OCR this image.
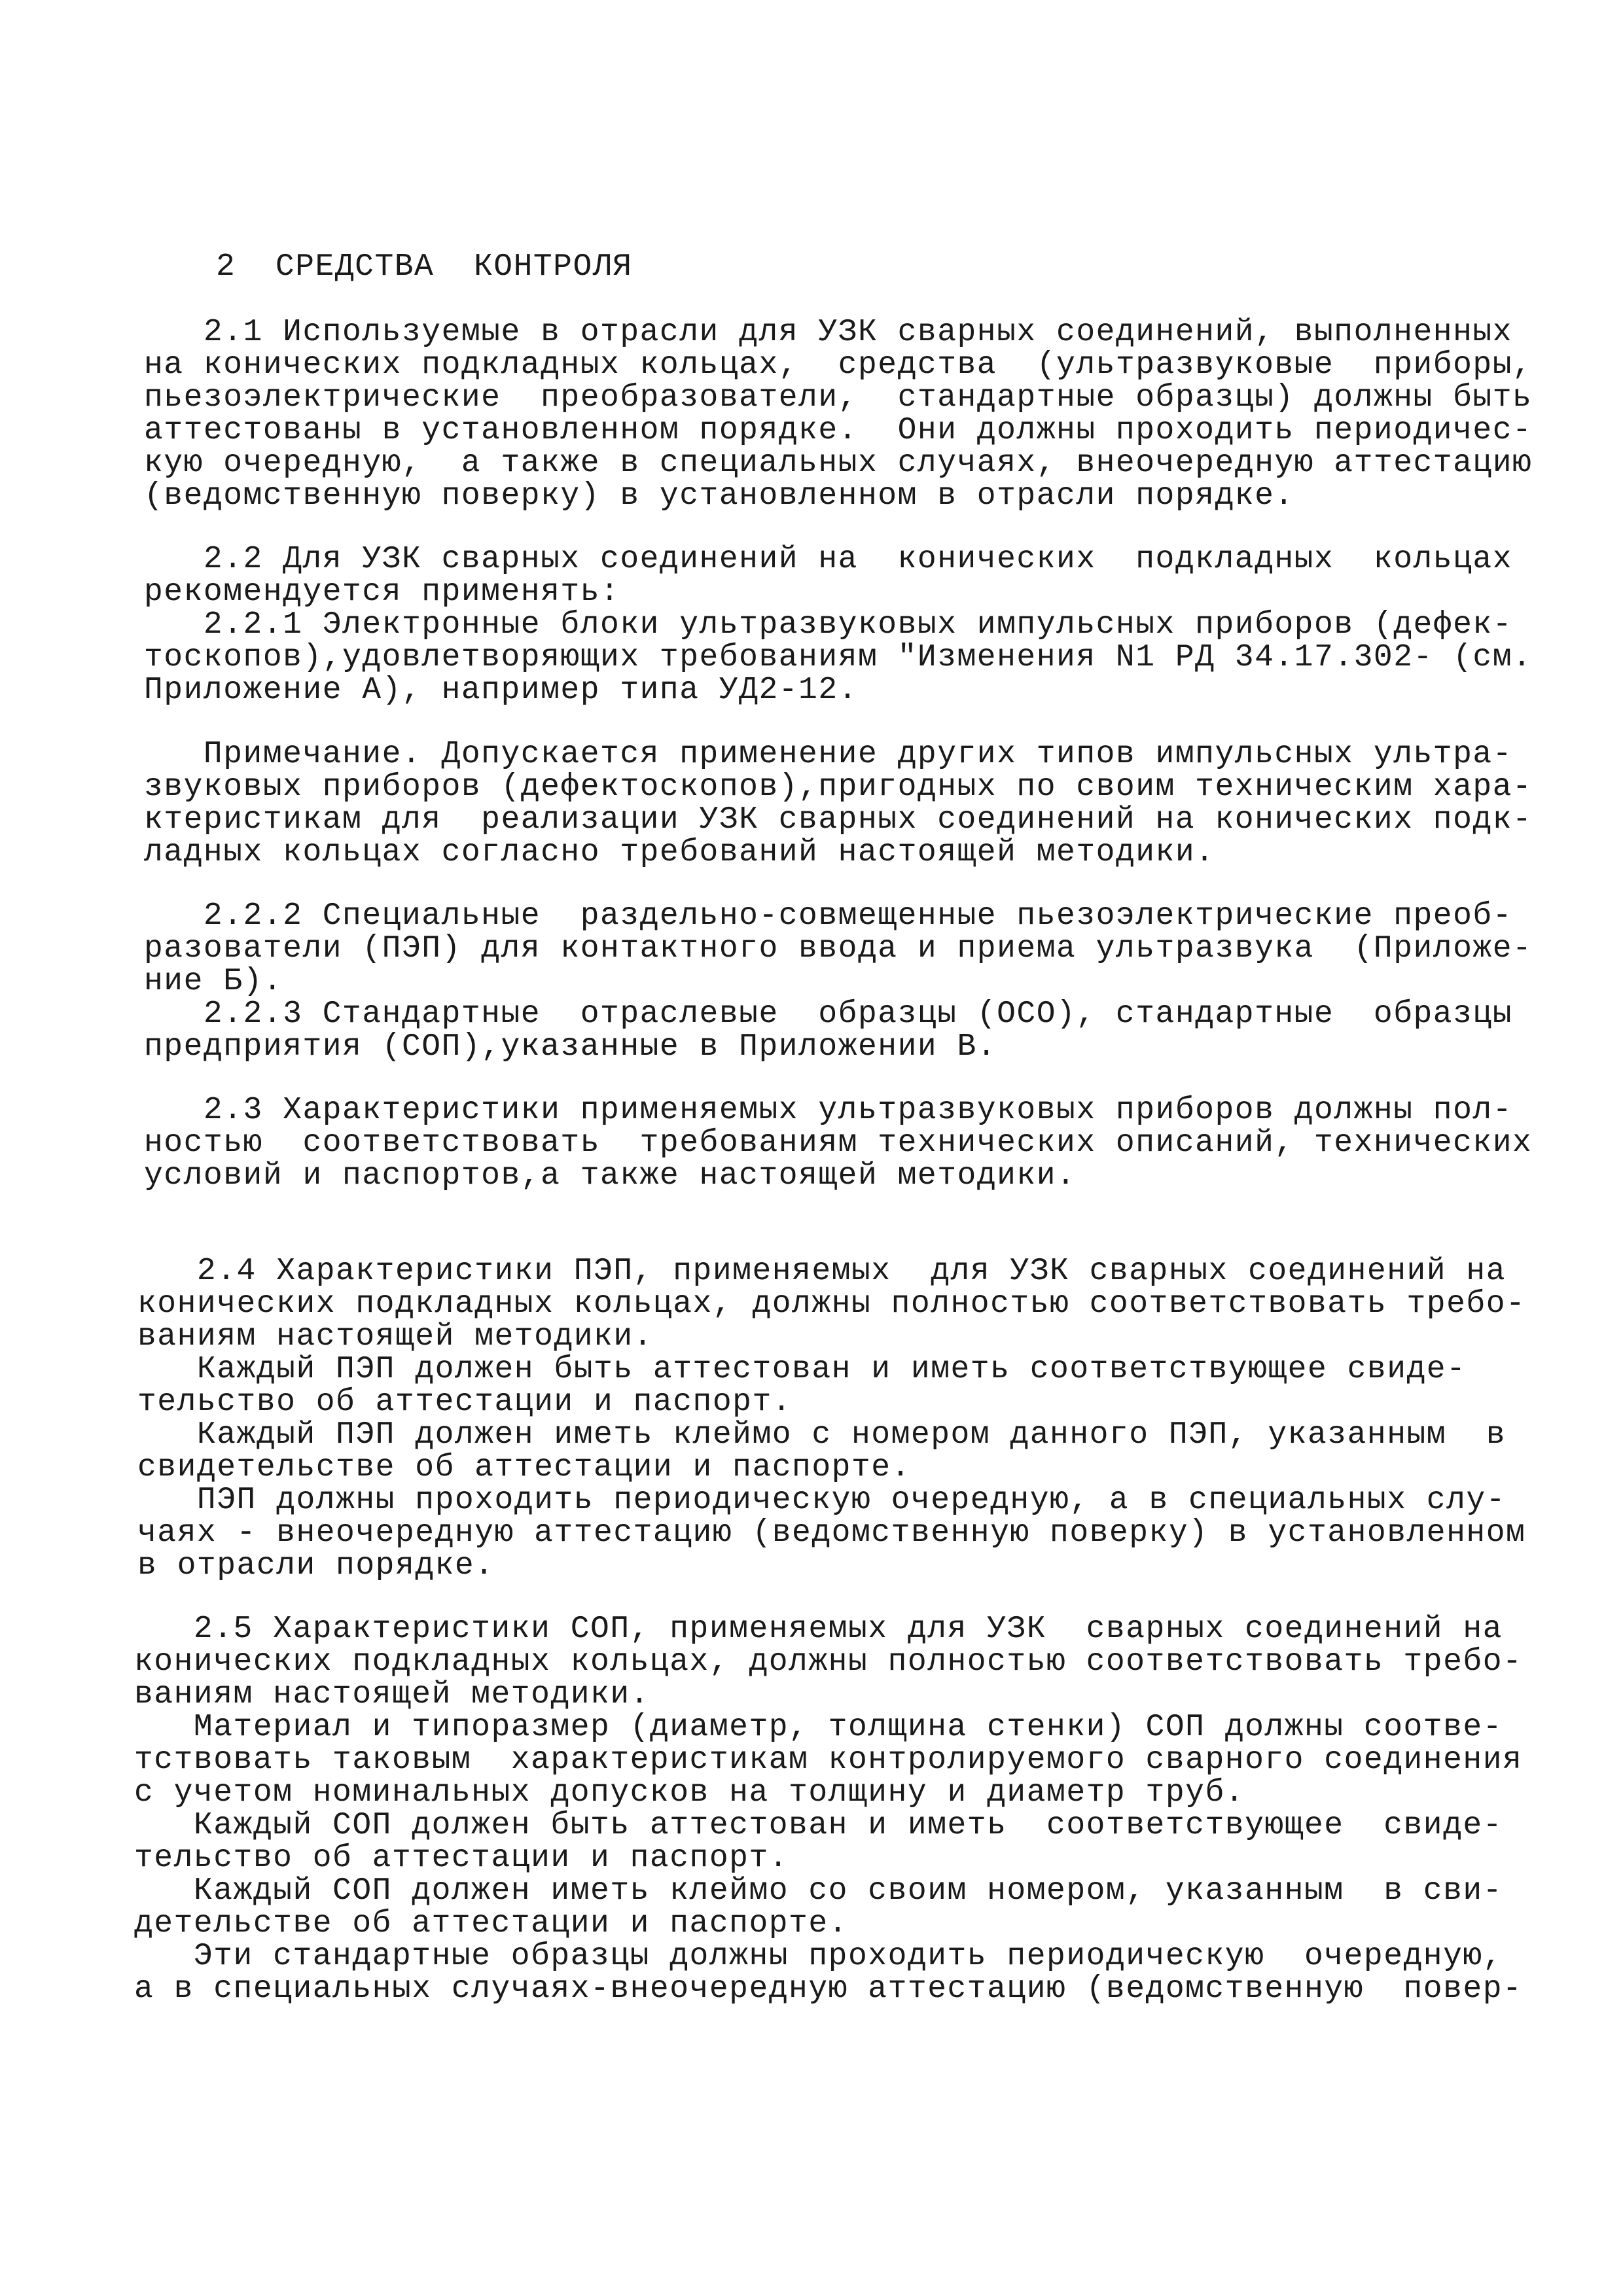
2  СРЕДСТВА  КОНТРОЛЯ
2.1 Используемые в отрасли для УЗК сварных соединений, выполненных
на конических подкладных кольцах,  средства  (ультразвуковые  приборы,
пьезоэлектрические  преобразователи,  стандартные образцы) должны быть
аттестованы в установленном порядке.  Они должны проходить периодичес-
кую очередную,  а также в специальных случаях, внеочередную аттестацию
(ведомственную поверку) в установленном в отрасли порядке.
2.2 Для УЗК сварных соединений на  конических  подкладных  кольцах
рекомендуется применять:
2.2.1 Электронные блоки ультразвуковых импульсных приборов (дефек-
тоскопов),удовлетворяющих требованиям "Изменения N1 РД 34.17.302- (см.
Приложение А), например типа УД2-12.
Примечание. Допускается применение других типов импульсных ультра-
звуковых приборов (дефектоскопов),пригодных по своим техническим хара-
ктеристикам для  реализации УЗК сварных соединений на конических подк-
ладных кольцах согласно требований настоящей методики.
2.2.2 Специальные  раздельно-совмещенные пьезоэлектрические преоб-
разователи (ПЭП) для контактного ввода и приема ультразвука  (Приложе-
ние Б).
2.2.3 Стандартные  отраслевые  образцы (ОСО), стандартные  образцы
предприятия (СОП),указанные в Приложении В.
2.3 Характеристики применяемых ультразвуковых приборов должны пол-
ностью  соответствовать  требованиям технических описаний, технических
условий и паспортов,а также настоящей методики.
2.4 Характеристики ПЭП, применяемых  для УЗК сварных соединений на
конических подкладных кольцах, должны полностью соответствовать требо-
ваниям настоящей методики.
Каждый ПЭП должен быть аттестован и иметь соответствующее свиде-
тельство об аттестации и паспорт.
Каждый ПЭП должен иметь клеймо с номером данного ПЭП, указанным  в
свидетельстве об аттестации и паспорте.
ПЭП должны проходить периодическую очередную, а в специальных слу-
чаях - внеочередную аттестацию (ведомственную поверку) в установленном
в отрасли порядке.
2.5 Характеристики СОП, применяемых для УЗК  сварных соединений на
конических подкладных кольцах, должны полностью соответствовать требо-
ваниям настоящей методики.
Материал и типоразмер (диаметр, толщина стенки) СОП должны соотве-
тствовать таковым  характеристикам контролируемого сварного соединения
с учетом номинальных допусков на толщину и диаметр труб.
Каждый СОП должен быть аттестован и иметь  соответствующее  свиде-
тельство об аттестации и паспорт.
Каждый СОП должен иметь клеймо со своим номером, указанным  в сви-
детельстве об аттестации и паспорте.
Эти стандартные образцы должны проходить периодическую  очередную,
а в специальных случаях-внеочередную аттестацию (ведомственную  повер-
